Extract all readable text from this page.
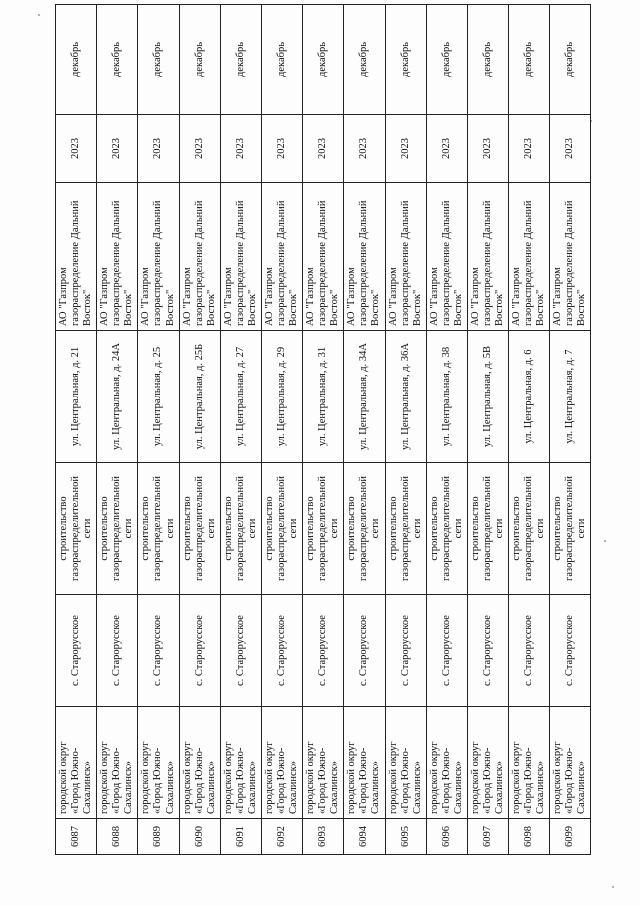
6087	городской округ «Город Южно-Сахалинск»	с. Старорусское	строительство газораспределительной сети	ул. Центральная, д. 21	АО "Газпром газораспределение Дальний Восток"	2023	декабрь
6088	городской округ «Город Южно-Сахалинск»	с. Старорусское	строительство газораспределительной сети	ул. Центральная, д. 24А	АО "Газпром газораспределение Дальний Восток"	2023	декабрь
6089	городской округ «Город Южно-Сахалинск»	с. Старорусское	строительство газораспределительной сети	ул. Центральная, д. 25	АО "Газпром газораспределение Дальний Восток"	2023	декабрь
6090	городской округ «Город Южно-Сахалинск»	с. Старорусское	строительство газораспределительной сети	ул. Центральная, д. 25Б	АО "Газпром газораспределение Дальний Восток"	2023	декабрь
6091	городской округ «Город Южно-Сахалинск»	с. Старорусское	строительство газораспределительной сети	ул. Центральная, д. 27	АО "Газпром газораспределение Дальний Восток"	2023	декабрь
6092	городской округ «Город Южно-Сахалинск»	с. Старорусское	строительство газораспределительной сети	ул. Центральная, д. 29	АО "Газпром газораспределение Дальний Восток"	2023	декабрь
6093	городской округ «Город Южно-Сахалинск»	с. Старорусское	строительство газораспределительной сети	ул. Центральная, д. 31	АО "Газпром газораспределение Дальний Восток"	2023	декабрь
6094	городской округ «Город Южно-Сахалинск»	с. Старорусское	строительство газораспределительной сети	ул. Центральная, д. 34А	АО "Газпром газораспределение Дальний Восток"	2023	декабрь
6095	городской округ «Город Южно-Сахалинск»	с. Старорусское	строительство газораспределительной сети	ул. Центральная, д. 36А	АО "Газпром газораспределение Дальний Восток"	2023	декабрь
6096	городской округ «Город Южно-Сахалинск»	с. Старорусское	строительство газораспределительной сети	ул. Центральная, д. 38	АО "Газпром газораспределение Дальний Восток"	2023	декабрь
6097	городской округ «Город Южно-Сахалинск»	с. Старорусское	строительство газораспределительной сети	ул. Центральная, д. 5В	АО "Газпром газораспределение Дальний Восток"	2023	декабрь
6098	городской округ «Город Южно-Сахалинск»	с. Старорусское	строительство газораспределительной сети	ул. Центральная, д. 6	АО "Газпром газораспределение Дальний Восток"	2023	декабрь
6099	городской округ «Город Южно-Сахалинск»	с. Старорусское	строительство газораспределительной сети	ул. Центральная, д. 7	АО "Газпром газораспределение Дальний Восток"	2023	декабрь
